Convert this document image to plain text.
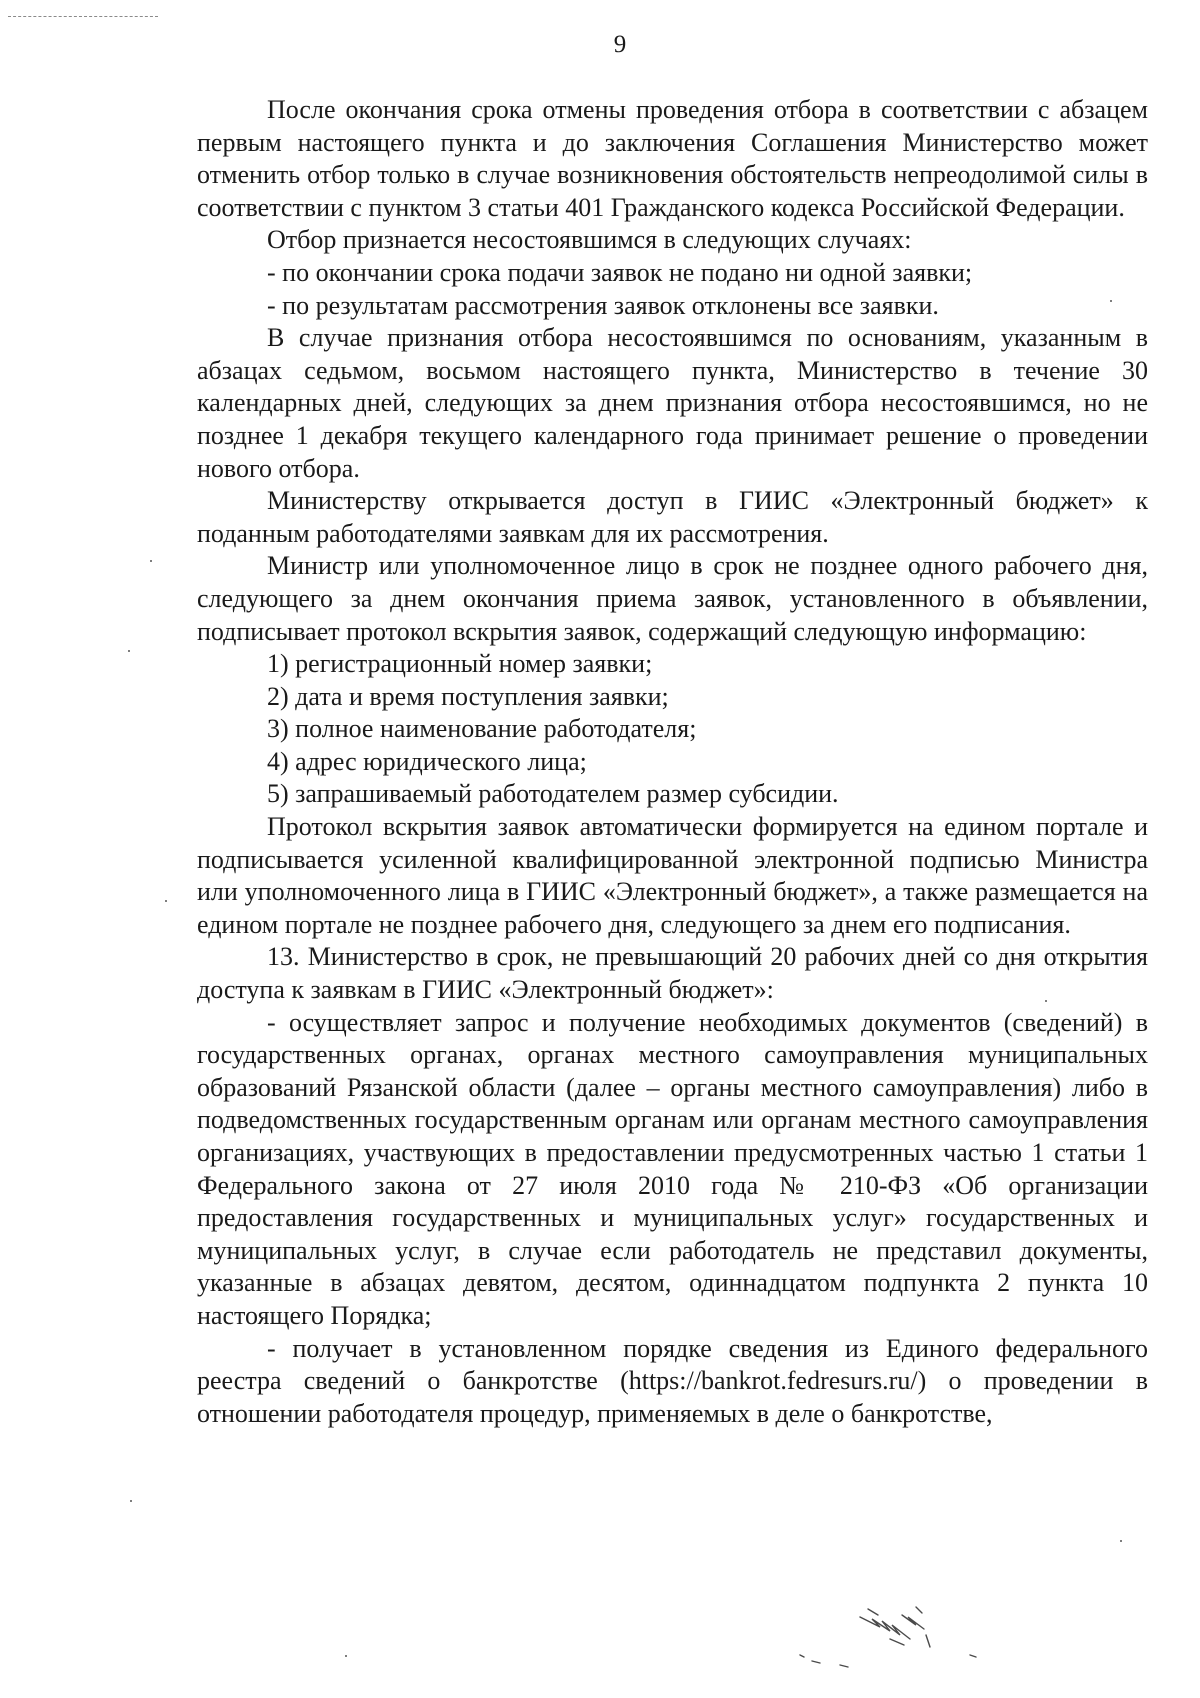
9

После окончания срока отмены проведения отбора в соответствии с абзацем первым настоящего пункта и до заключения Соглашения Министерство может отменить отбор только в случае возникновения обстоятельств непреодолимой силы в соответствии с пунктом 3 статьи 401 Гражданского кодекса Российской Федерации.

Отбор признается несостоявшимся в следующих случаях:

- по окончании срока подачи заявок не подано ни одной заявки;

- по результатам рассмотрения заявок отклонены все заявки.

В случае признания отбора несостоявшимся по основаниям, указанным в абзацах седьмом, восьмом настоящего пункта, Министерство в течение 30 календарных дней, следующих за днем признания отбора несостоявшимся, но не позднее 1 декабря текущего календарного года принимает решение о проведении нового отбора.

Министерству открывается доступ в ГИИС «Электронный бюджет» к поданным работодателями заявкам для их рассмотрения.

Министр или уполномоченное лицо в срок не позднее одного рабочего дня, следующего за днем окончания приема заявок, установленного в объявлении, подписывает протокол вскрытия заявок, содержащий следующую информацию:

1) регистрационный номер заявки;

2) дата и время поступления заявки;

3) полное наименование работодателя;

4) адрес юридического лица;

5) запрашиваемый работодателем размер субсидии.

Протокол вскрытия заявок автоматически формируется на едином портале и подписывается усиленной квалифицированной электронной подписью Министра или уполномоченного лица в ГИИС «Электронный бюджет», а также размещается на едином портале не позднее рабочего дня, следующего за днем его подписания.

13. Министерство в срок, не превышающий 20 рабочих дней со дня открытия доступа к заявкам в ГИИС «Электронный бюджет»:

- осуществляет запрос и получение необходимых документов (сведений) в государственных органах, органах местного самоуправления муниципальных образований Рязанской области (далее – органы местного самоуправления) либо в подведомственных государственным органам или органам местного самоуправления организациях, участвующих в предоставлении предусмотренных частью 1 статьи 1 Федерального закона от 27 июля 2010 года № 210-ФЗ «Об организации предоставления государственных и муниципальных услуг» государственных и муниципальных услуг, в случае если работодатель не представил документы, указанные в абзацах девятом, десятом, одиннадцатом подпункта 2 пункта 10 настоящего Порядка;

- получает в установленном порядке сведения из Единого федерального реестра сведений о банкротстве (https://bankrot.fedresurs.ru/) о проведении в отношении работодателя процедур, применяемых в деле о банкротстве,
